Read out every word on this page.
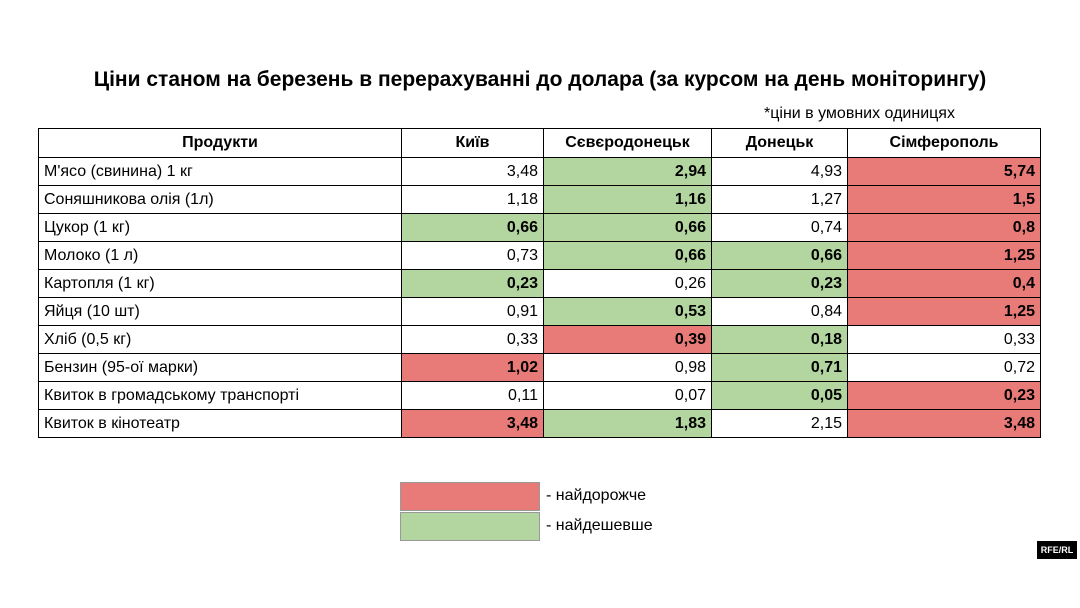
Ціни станом на березень в перерахуванні до долара (за курсом на день моніторингу)
*ціни в умовних одиницях
Продукти	Київ	Сєвєродонецьк	Донецьк	Сімферополь
М'ясо (свинина) 1 кг	3,48	2,94	4,93	5,74
Соняшникова олія (1л)	1,18	1,16	1,27	1,5
Цукор (1 кг)	0,66	0,66	0,74	0,8
Молоко (1 л)	0,73	0,66	0,66	1,25
Картопля (1 кг)	0,23	0,26	0,23	0,4
Яйця (10 шт)	0,91	0,53	0,84	1,25
Хліб (0,5 кг)	0,33	0,39	0,18	0,33
Бензин (95-ої марки)	1,02	0,98	0,71	0,72
Квиток в громадському транспорті	0,11	0,07	0,05	0,23
Квиток в кінотеатр	3,48	1,83	2,15	3,48
- найдорожче
- найдешевше
RFE/RL
